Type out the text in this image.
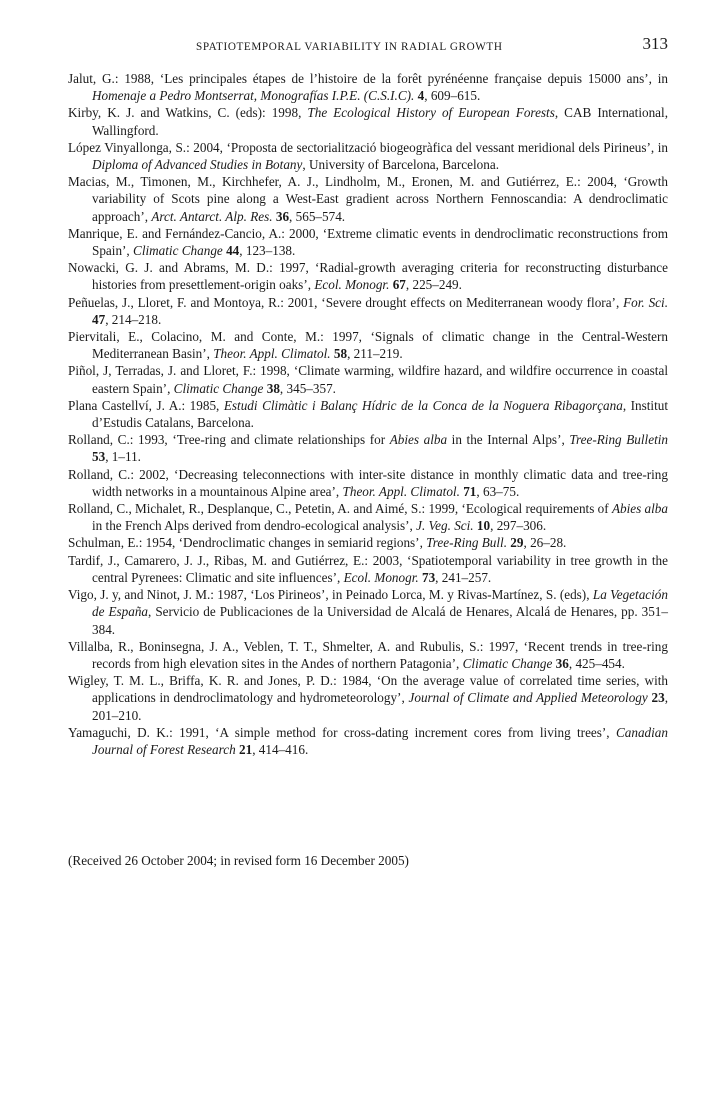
SPATIOTEMPORAL VARIABILITY IN RADIAL GROWTH	313

Jalut, G.: 1988, ‘Les principales étapes de l’histoire de la forêt pyrénéenne française depuis 15000 ans’, in Homenaje a Pedro Montserrat, Monografías I.P.E. (C.S.I.C). 4, 609–615.

Kirby, K. J. and Watkins, C. (eds): 1998, The Ecological History of European Forests, CAB International, Wallingford.

López Vinyallonga, S.: 2004, ‘Proposta de sectorialització biogeogràfica del vessant meridional dels Pirineus’, in Diploma of Advanced Studies in Botany, University of Barcelona, Barcelona.

Macias, M., Timonen, M., Kirchhefer, A. J., Lindholm, M., Eronen, M. and Gutiérrez, E.: 2004, ‘Growth variability of Scots pine along a West-East gradient across Northern Fennoscandia: A dendroclimatic approach’, Arct. Antarct. Alp. Res. 36, 565–574.

Manrique, E. and Fernández-Cancio, A.: 2000, ‘Extreme climatic events in dendroclimatic reconstructions from Spain’, Climatic Change 44, 123–138.

Nowacki, G. J. and Abrams, M. D.: 1997, ‘Radial-growth averaging criteria for reconstructing disturbance histories from presettlement-origin oaks’, Ecol. Monogr. 67, 225–249.

Peñuelas, J., Lloret, F. and Montoya, R.: 2001, ‘Severe drought effects on Mediterranean woody flora’, For. Sci. 47, 214–218.

Piervitali, E., Colacino, M. and Conte, M.: 1997, ‘Signals of climatic change in the Central-Western Mediterranean Basin’, Theor. Appl. Climatol. 58, 211–219.

Piñol, J, Terradas, J. and Lloret, F.: 1998, ‘Climate warming, wildfire hazard, and wildfire occurrence in coastal eastern Spain’, Climatic Change 38, 345–357.

Plana Castellví, J. A.: 1985, Estudi Climàtic i Balanç Hídric de la Conca de la Noguera Ribagorçana, Institut d’Estudis Catalans, Barcelona.

Rolland, C.: 1993, ‘Tree-ring and climate relationships for Abies alba in the Internal Alps’, Tree-Ring Bulletin 53, 1–11.

Rolland, C.: 2002, ‘Decreasing teleconnections with inter-site distance in monthly climatic data and tree-ring width networks in a mountainous Alpine area’, Theor. Appl. Climatol. 71, 63–75.

Rolland, C., Michalet, R., Desplanque, C., Petetin, A. and Aimé, S.: 1999, ‘Ecological requirements of Abies alba in the French Alps derived from dendro-ecological analysis’, J. Veg. Sci. 10, 297–306.

Schulman, E.: 1954, ‘Dendroclimatic changes in semiarid regions’, Tree-Ring Bull. 29, 26–28.

Tardif, J., Camarero, J. J., Ribas, M. and Gutiérrez, E.: 2003, ‘Spatiotemporal variability in tree growth in the central Pyrenees: Climatic and site influences’, Ecol. Monogr. 73, 241–257.

Vigo, J. y, and Ninot, J. M.: 1987, ‘Los Pirineos’, in Peinado Lorca, M. y Rivas-Martínez, S. (eds), La Vegetación de España, Servicio de Publicaciones de la Universidad de Alcalá de Henares, Alcalá de Henares, pp. 351–384.

Villalba, R., Boninsegna, J. A., Veblen, T. T., Shmelter, A. and Rubulis, S.: 1997, ‘Recent trends in tree-ring records from high elevation sites in the Andes of northern Patagonia’, Climatic Change 36, 425–454.

Wigley, T. M. L., Briffa, K. R. and Jones, P. D.: 1984, ‘On the average value of correlated time series, with applications in dendroclimatology and hydrometeorology’, Journal of Climate and Applied Meteorology 23, 201–210.

Yamaguchi, D. K.: 1991, ‘A simple method for cross-dating increment cores from living trees’, Canadian Journal of Forest Research 21, 414–416.

(Received 26 October 2004; in revised form 16 December 2005)
